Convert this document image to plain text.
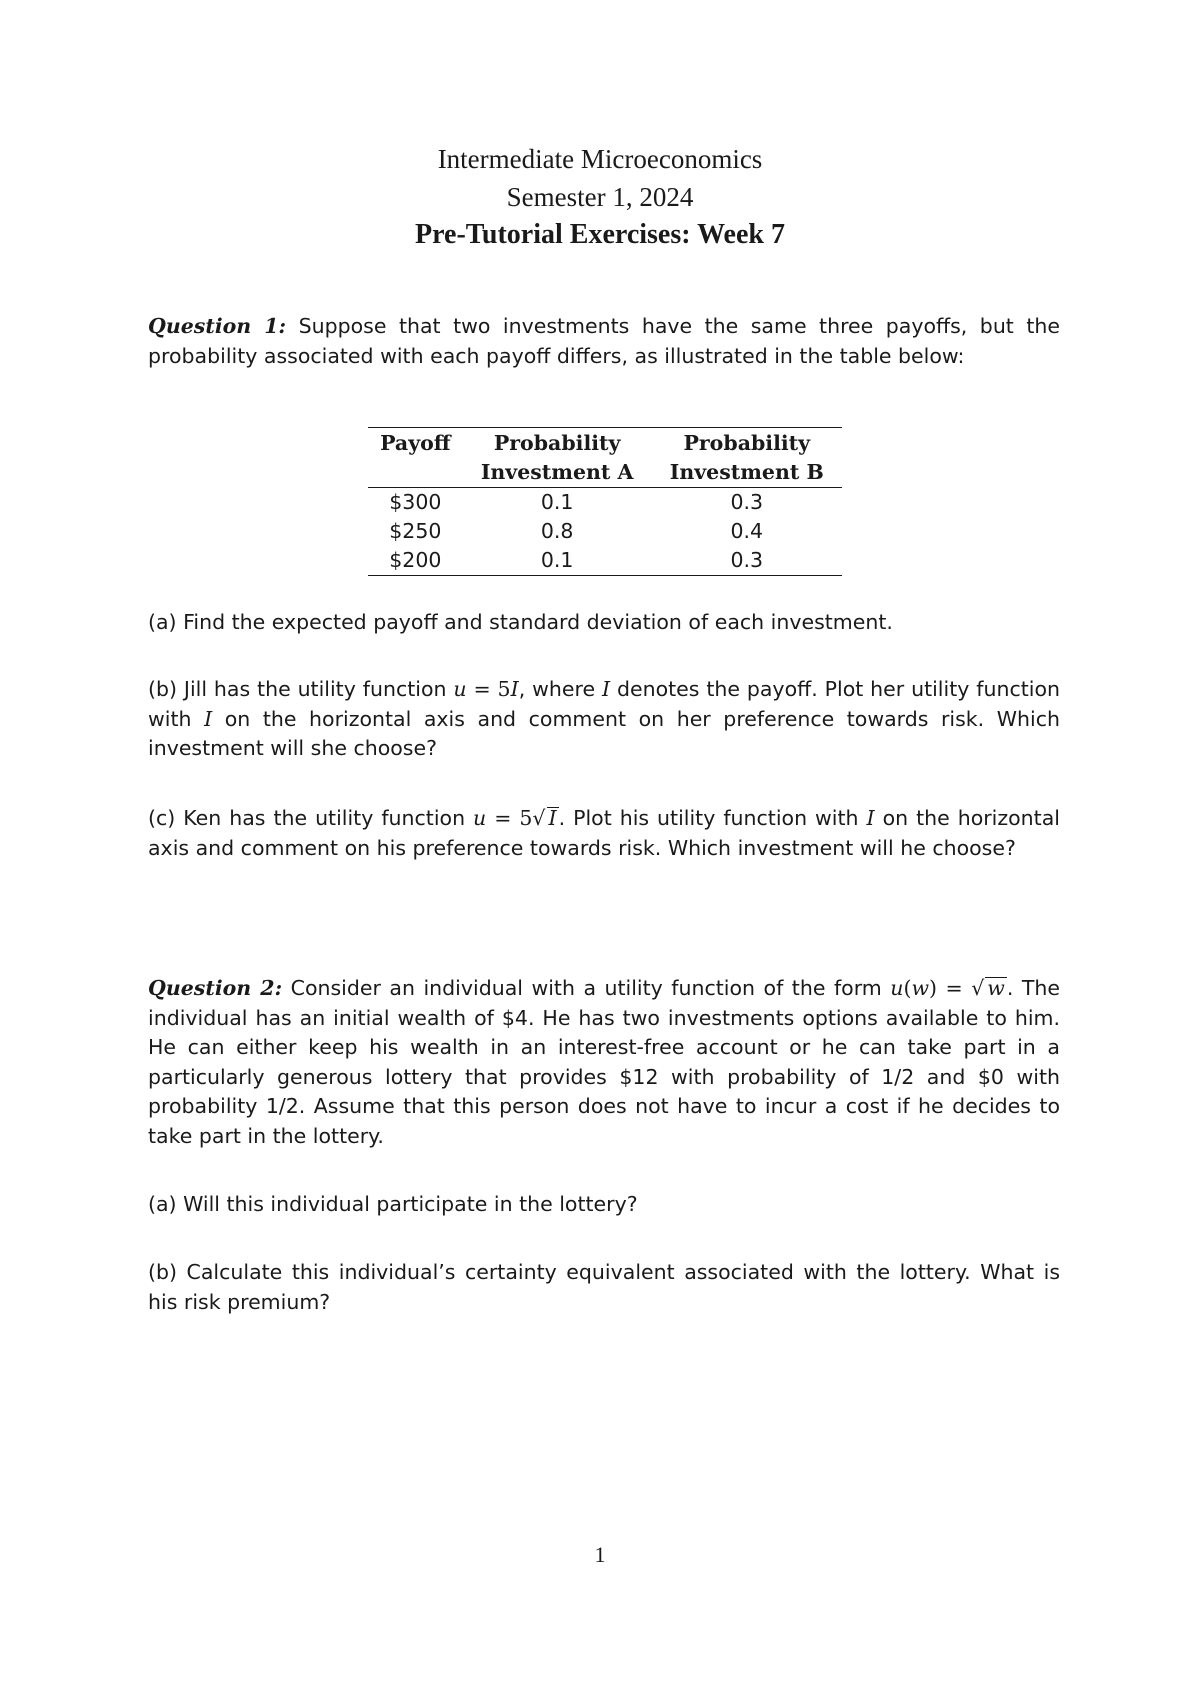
Intermediate Microeconomics
Semester 1, 2024
Pre-Tutorial Exercises: Week 7
Question 1: Suppose that two investments have the same three payoffs, but the probability associated with each payoff differs, as illustrated in the table below:
Payoff	Probability	Probability
	Investment A	Investment B
$300	0.1	0.3
$250	0.8	0.4
$200	0.1	0.3
(a) Find the expected payoff and standard deviation of each investment.
(b) Jill has the utility function u = 5I, where I denotes the payoff. Plot her utility function with I on the horizontal axis and comment on her preference towards risk. Which investment will she choose?
(c) Ken has the utility function u = 5√ I. Plot his utility function with I on the horizontal axis and comment on his preference towards risk. Which investment will he choose?
Question 2: Consider an individual with a utility function of the form u(w) = √ w. The individual has an initial wealth of $4. He has two investments options available to him. He can either keep his wealth in an interest-free account or he can take part in a particularly generous lottery that provides $12 with probability of 1/2 and $0 with probability 1/2. Assume that this person does not have to incur a cost if he decides to take part in the lottery.
(a) Will this individual participate in the lottery?
(b) Calculate this individual’s certainty equivalent associated with the lottery. What is his risk premium?
1
